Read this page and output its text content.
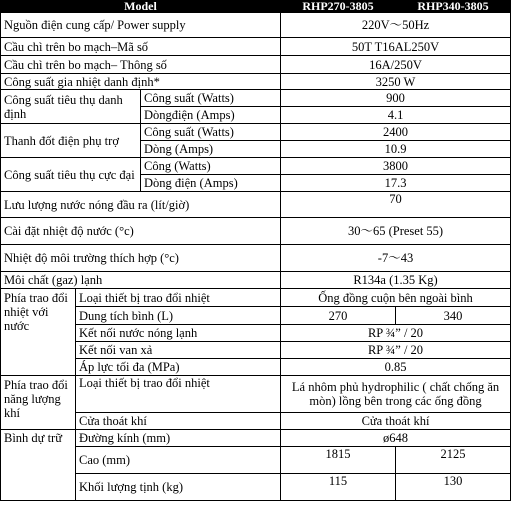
Model			RHP270-3805	RHP340-3805
Nguồn điện cung cấp/ Power supply			220V～50Hz	
Cầu chì trên bo mạch–Mã số			50T T16AL250V	
Cầu chì trên bo mạch– Thông số			16A/250V	
Công suất gia nhiệt danh định*			3250 W	
Công suất tiêu thụ danh định		Công suất (Watts)	900	
		Dòngđiện (Amps)	4.1	
Thanh đốt điện phụ trợ		Công suất (Watts)	2400	
		Dòng (Amps)	10.9	
Công suất tiêu thụ cực đại		Công (Watts)	3800	
		Dòng điện (Amps)	17.3	
Lưu lượng nước nóng đầu ra (lít/giờ)			70	
Cài đặt nhiệt độ nước (°c)			30～65 (Preset 55)	
Nhiệt độ môi trường thích hợp (°c)			-7～43	
Môi chất (gaz) lạnh			R134a (1.35 Kg)	
Phía trao đổi nhiệt với nước	Loại thiết bị trao đổi nhiệt		Ống đồng cuộn bên ngoài bình	
	Dung tích bình (L)		270	340
	Kết nối nước nóng lạnh		RP ¾” / 20	
	Kết nối van xả		RP ¾” / 20	
	Áp lực tối đa (MPa)		0.85	
Phía trao đổi năng lượng khí	Loại thiết bị trao đổi nhiệt		Lá nhôm phủ hydrophilic ( chất chống ăn mòn) lồng bên trong các ống đồng	
	Cửa thoát khí		Cửa thoát khí	
Bình dự trữ	Đường kính (mm)		ø648	
	Cao (mm)		1815	2125
	Khối lượng tịnh (kg)		115	130
